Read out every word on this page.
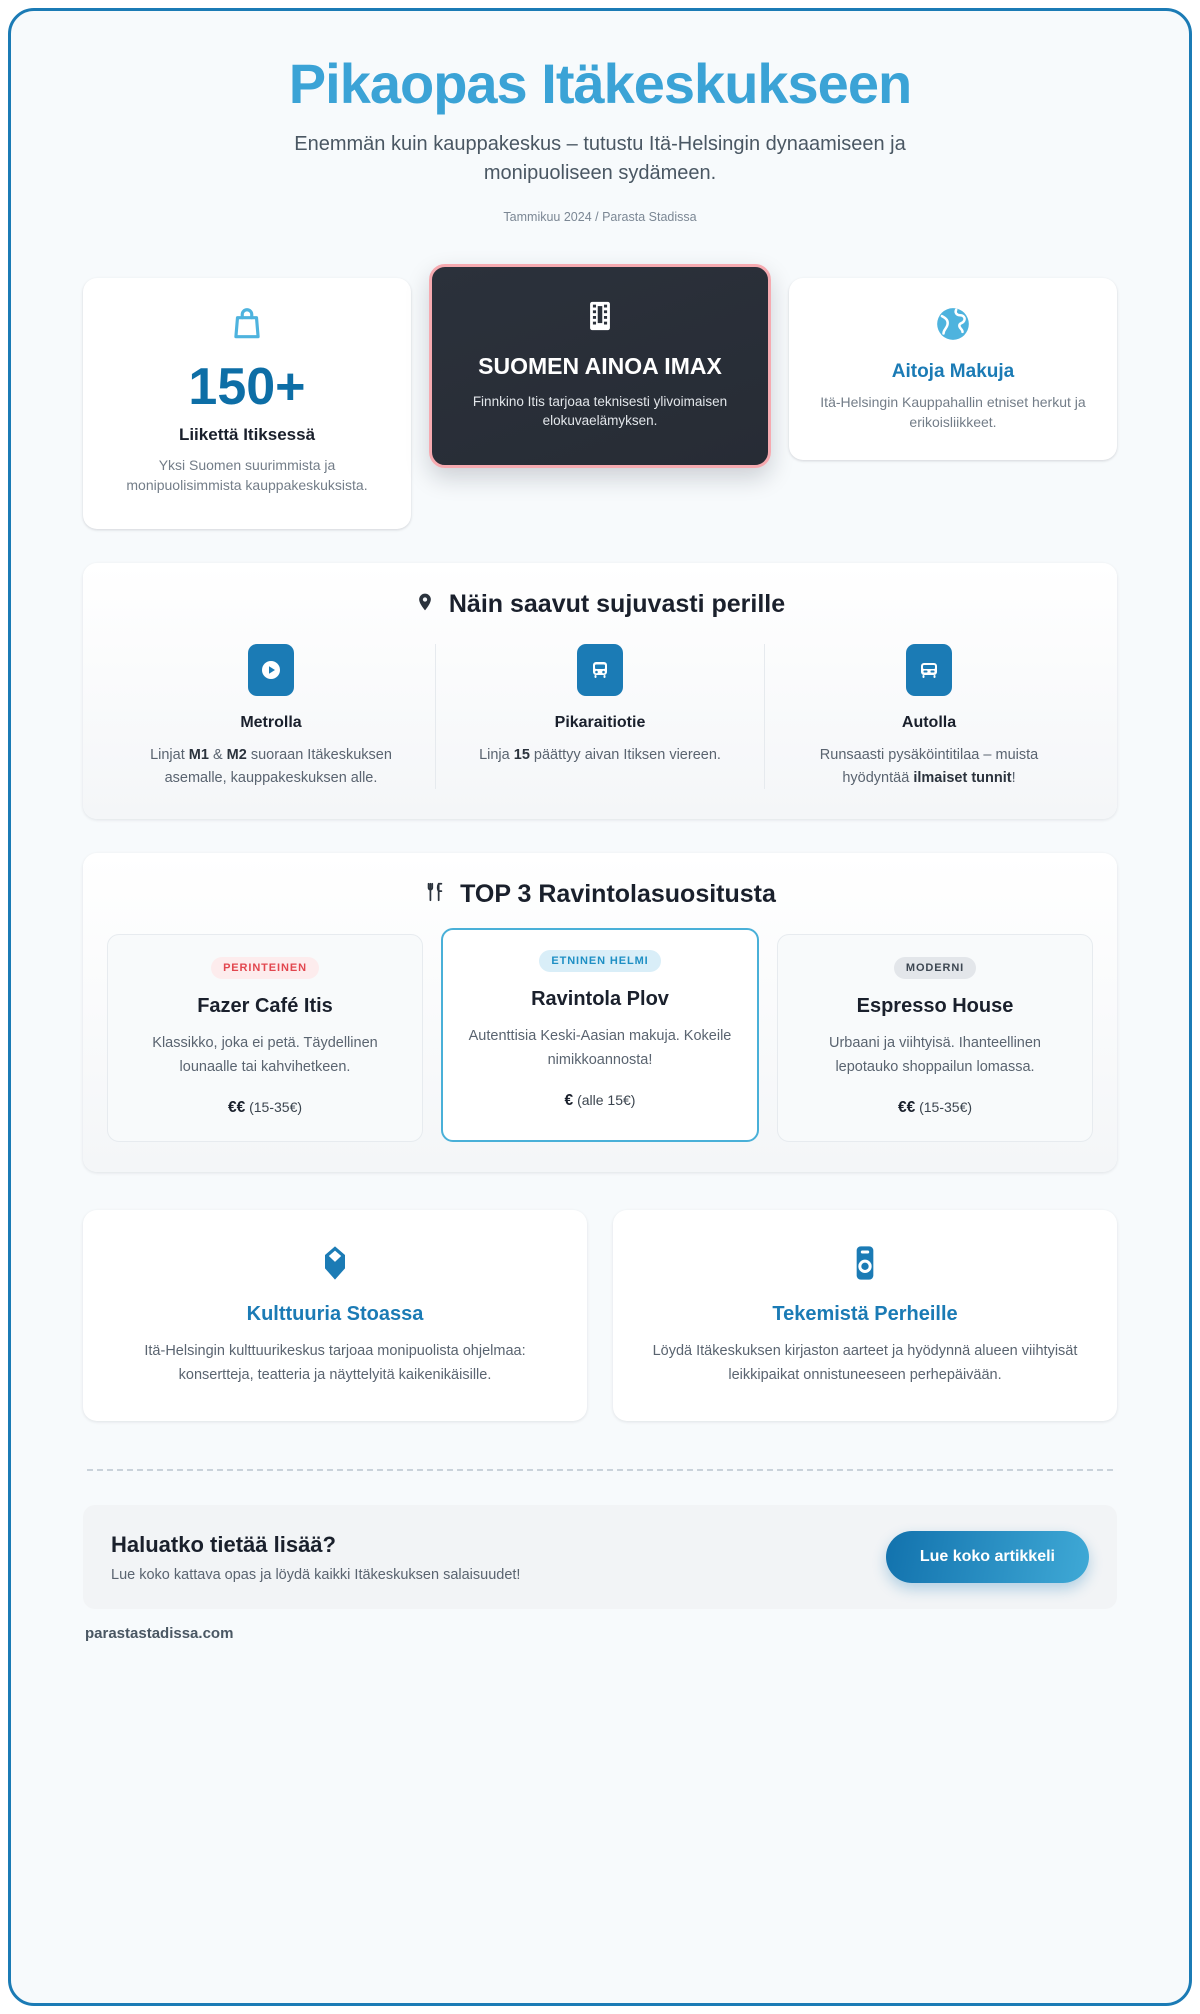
Pikaopas Itäkeskukseen

Enemmän kuin kauppakeskus – tutustu Itä-Helsingin dynaamiseen ja monipuoliseen sydämeen.

Tammikuu 2024 / Parasta Stadissa
150+
Liikettä Itiksessä
Yksi Suomen suurimmista ja monipuolisimmista kauppakeskuksista.
SUOMEN AINOA IMAX
Finnkino Itis tarjoaa teknisesti ylivoimaisen elokuvaelämyksen.
Aitoja Makuja
Itä-Helsingin Kauppahallin etniset herkut ja erikoisliikkeet.
Näin saavut sujuvasti perille
Metrolla

Linjat M1 & M2 suoraan Itäkeskuksen asemalle, kauppakeskuksen alle.

Pikaraitiotie

Linja 15 päättyy aivan Itiksen viereen.

Autolla

Runsaasti pysäköintitilaa – muista hyödyntää ilmaiset tunnit!

TOP 3 Ravintolasuositusta
PERINTEINEN
Fazer Café Itis

Klassikko, joka ei petä. Täydellinen lounaalle tai kahvihetkeen.

€€ (15-35€)
ETNINEN HELMI
Ravintola Plov

Autenttisia Keski-Aasian makuja. Kokeile nimikkoannosta!

€ (alle 15€)
MODERNI
Espresso House

Urbaani ja viihtyisä. Ihanteellinen lepotauko shoppailun lomassa.

€€ (15-35€)
Kulttuuria Stoassa

Itä-Helsingin kulttuurikeskus tarjoaa monipuolista ohjelmaa: konsertteja, teatteria ja näyttelyitä kaikenikäisille.

Tekemistä Perheille

Löydä Itäkeskuksen kirjaston aarteet ja hyödynnä alueen viihtyisät leikkipaikat onnistuneeseen perhepäivään.

Haluatko tietää lisää?

Lue koko kattava opas ja löydä kaikki Itäkeskuksen salaisuudet!

Lue koko artikkeli
parastastadissa.com
